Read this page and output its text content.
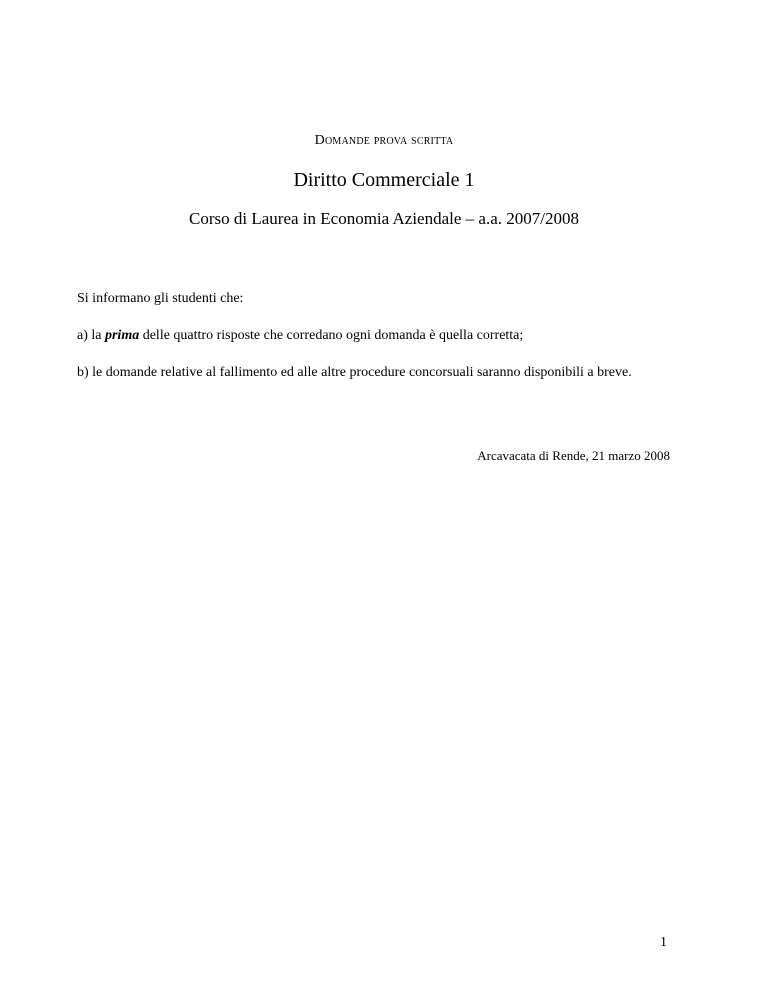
Domande prova scritta
Diritto Commerciale 1
Corso di Laurea in Economia Aziendale – a.a. 2007/2008

Si informano gli studenti che:

a) la prima delle quattro risposte che corredano ogni domanda è quella corretta;

b) le domande relative al fallimento ed alle altre procedure concorsuali saranno disponibili a breve.

Arcavacata di Rende, 21 marzo 2008
1
